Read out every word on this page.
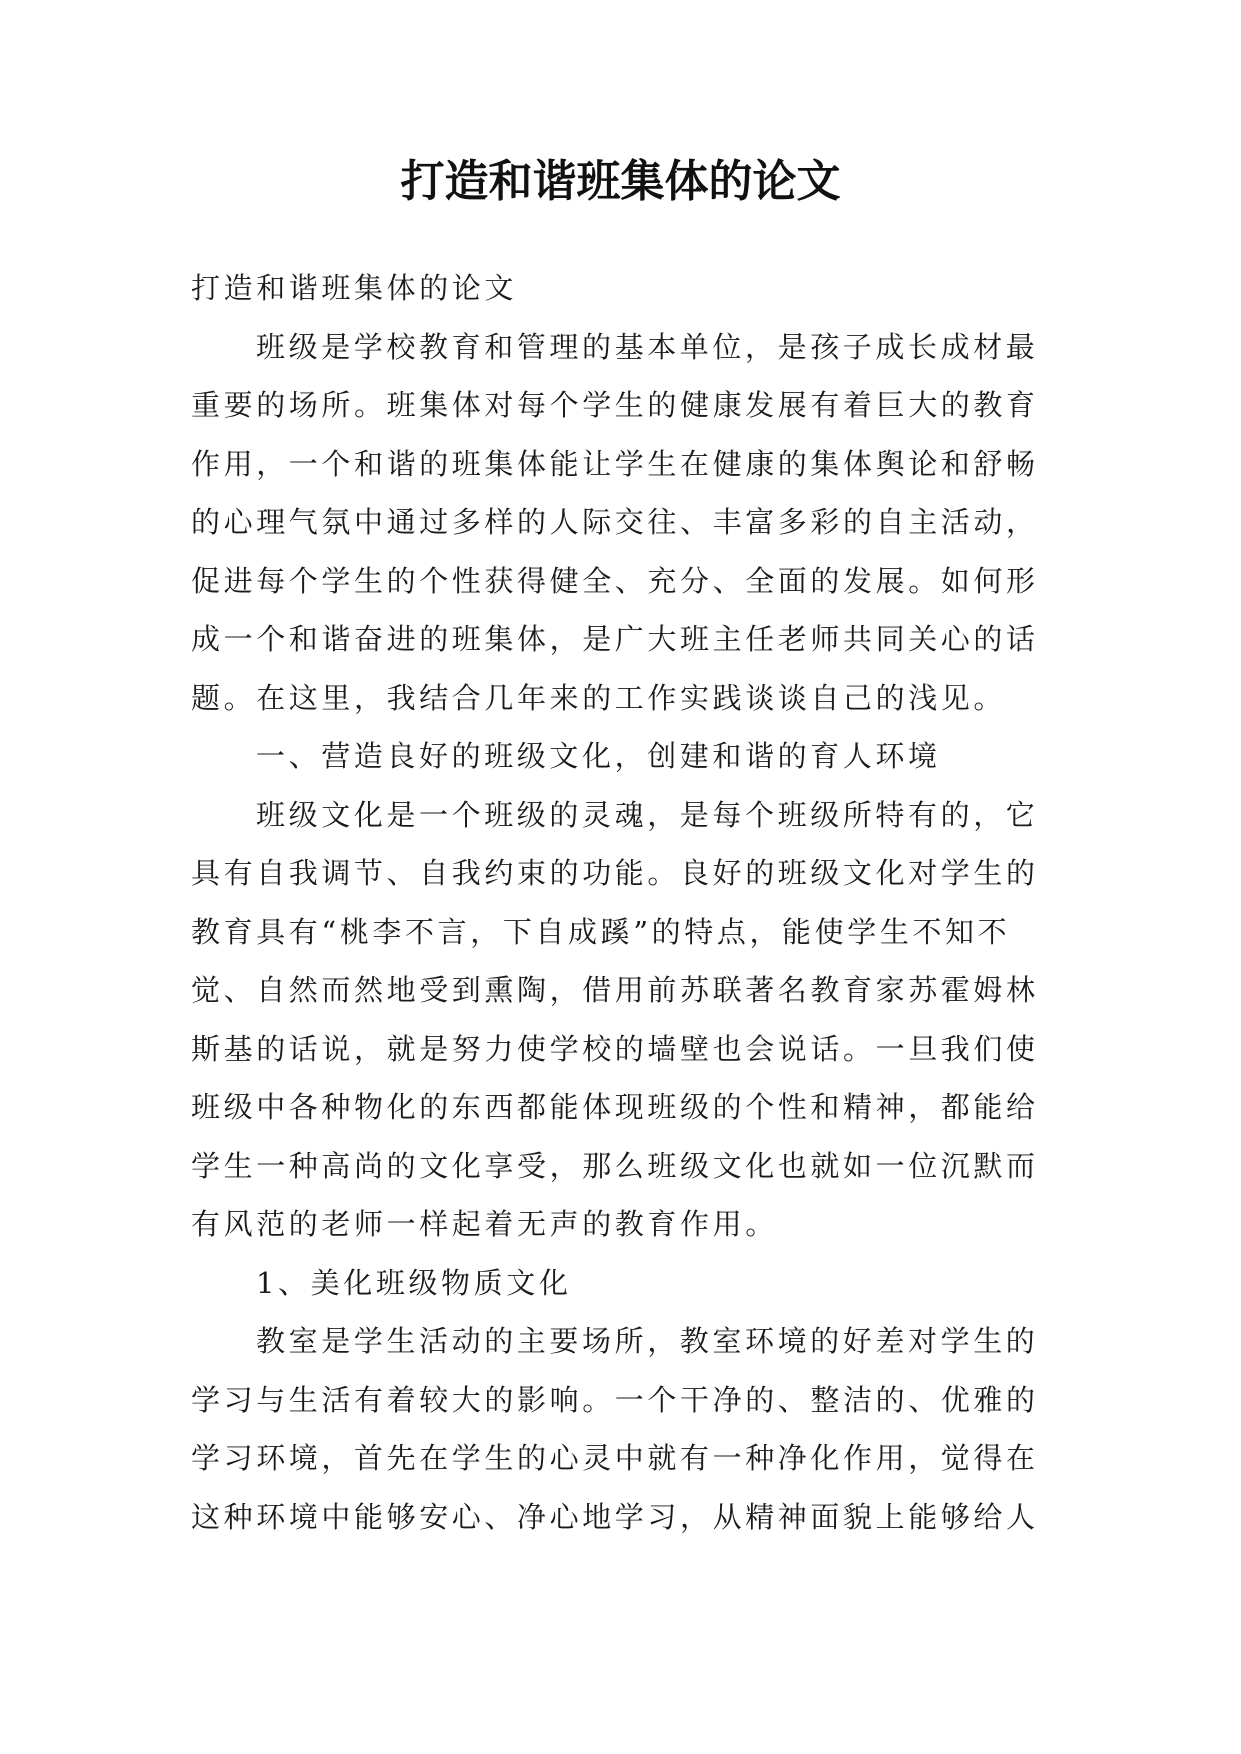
打造和谐班集体的论文
打造和谐班集体的论文
班级是学校教育和管理的基本单位，是孩子成长成材最
重要的场所。班集体对每个学生的健康发展有着巨大的教育
作用，一个和谐的班集体能让学生在健康的集体舆论和舒畅
的心理气氛中通过多样的人际交往、丰富多彩的自主活动，
促进每个学生的个性获得健全、充分、全面的发展。如何形
成一个和谐奋进的班集体，是广大班主任老师共同关心的话
题。在这里，我结合几年来的工作实践谈谈自己的浅见。
一、营造良好的班级文化，创建和谐的育人环境
班级文化是一个班级的灵魂，是每个班级所特有的，它
具有自我调节、自我约束的功能。良好的班级文化对学生的
教育具有“桃李不言，下自成蹊”的特点，能使学生不知不
觉、自然而然地受到熏陶，借用前苏联著名教育家苏霍姆林
斯基的话说，就是努力使学校的墙壁也会说话。一旦我们使
班级中各种物化的东西都能体现班级的个性和精神，都能给
学生一种高尚的文化享受，那么班级文化也就如一位沉默而
有风范的老师一样起着无声的教育作用。
1、美化班级物质文化
教室是学生活动的主要场所，教室环境的好差对学生的
学习与生活有着较大的影响。一个干净的、整洁的、优雅的
学习环境，首先在学生的心灵中就有一种净化作用，觉得在
这种环境中能够安心、净心地学习，从精神面貌上能够给人
